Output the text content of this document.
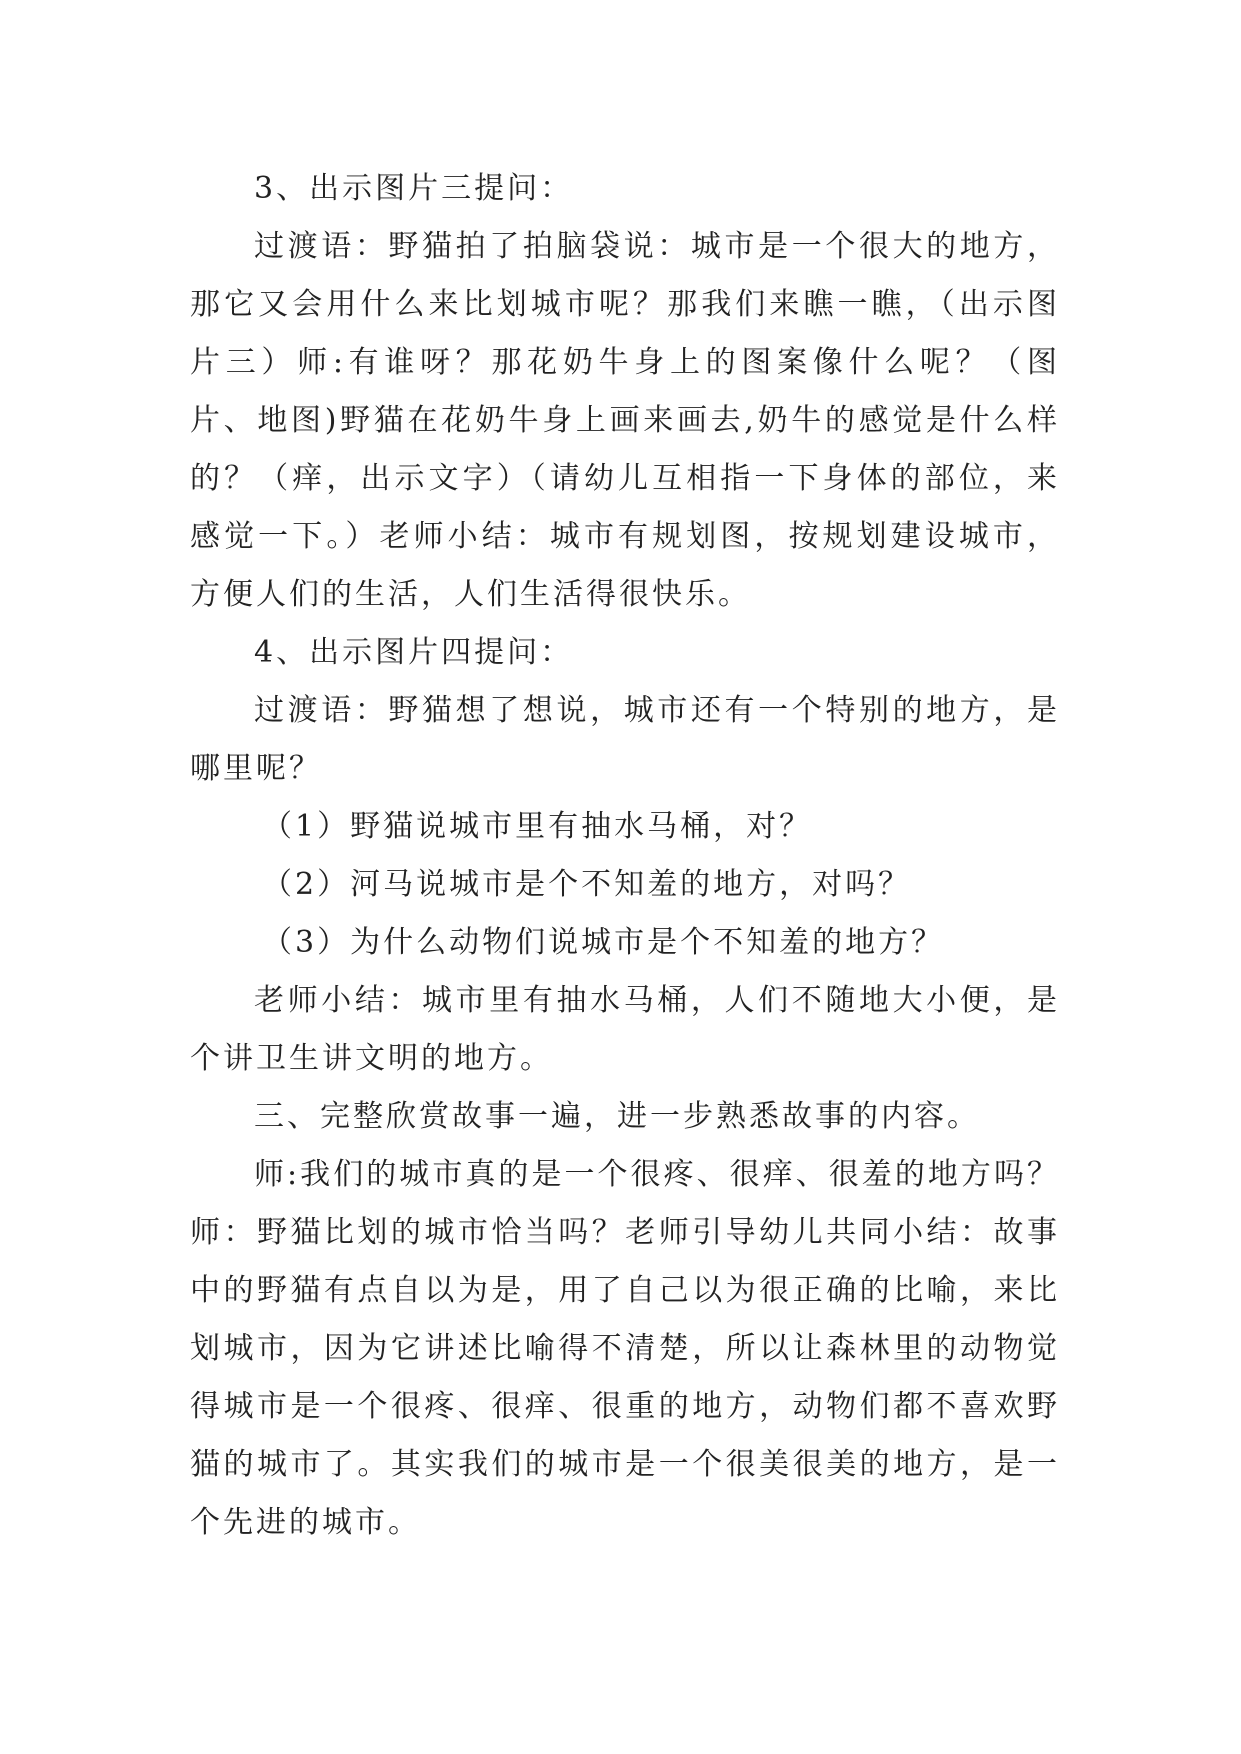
3、出示图片三提问：

过渡语：野猫拍了拍脑袋说：城市是一个很大的地方，那它又会用什么来比划城市呢？那我们来瞧一瞧，（出示图片三）师:有谁呀？那花奶牛身上的图案像什么呢？（图片、地图)野猫在花奶牛身上画来画去,奶牛的感觉是什么样的？（痒，出示文字）（请幼儿互相指一下身体的部位，来感觉一下。）老师小结：城市有规划图，按规划建设城市，方便人们的生活，人们生活得很快乐。

4、出示图片四提问：

过渡语：野猫想了想说，城市还有一个特别的地方，是哪里呢？

（1）野猫说城市里有抽水马桶，对？

（2）河马说城市是个不知羞的地方，对吗？

（3）为什么动物们说城市是个不知羞的地方？

老师小结：城市里有抽水马桶，人们不随地大小便，是个讲卫生讲文明的地方。

三、完整欣赏故事一遍，进一步熟悉故事的内容。

师:我们的城市真的是一个很疼、很痒、很羞的地方吗？师：野猫比划的城市恰当吗？老师引导幼儿共同小结：故事中的野猫有点自以为是，用了自己以为很正确的比喻，来比划城市，因为它讲述比喻得不清楚，所以让森林里的动物觉得城市是一个很疼、很痒、很重的地方，动物们都不喜欢野猫的城市了。其实我们的城市是一个很美很美的地方，是一个先进的城市。
